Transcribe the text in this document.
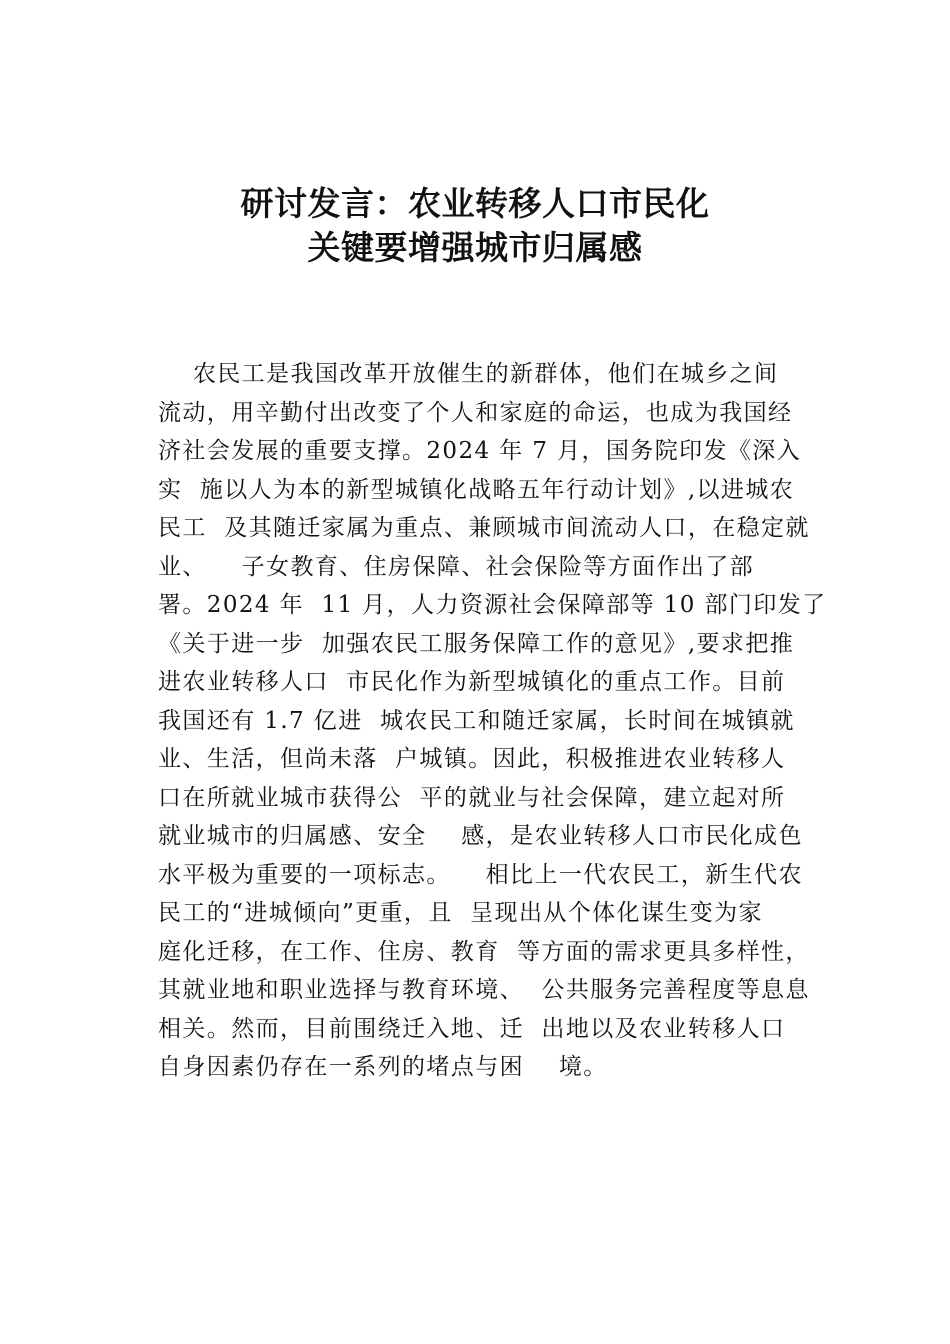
研讨发言：农业转移人口市民化
关键要增强城市归属感
农民工是我国改革开放催生的新群体，他们在城乡之间
流动，用辛勤付出改变了个人和家庭的命运，也成为我国经
济社会发展的重要支撑。2024 年 7 月，国务院印发《深入
实  施以人为本的新型城镇化战略五年行动计划》,以进城农
民工  及其随迁家属为重点、兼顾城市间流动人口，在稳定就
业、    子女教育、住房保障、社会保险等方面作出了部
署。2024 年  11 月，人力资源社会保障部等 10 部门印发了
《关于进一步  加强农民工服务保障工作的意见》,要求把推
进农业转移人口  市民化作为新型城镇化的重点工作。目前
我国还有 1.7 亿进  城农民工和随迁家属，长时间在城镇就
业、生活，但尚未落  户城镇。因此，积极推进农业转移人
口在所就业城市获得公  平的就业与社会保障，建立起对所
就业城市的归属感、安全    感，是农业转移人口市民化成色
水平极为重要的一项标志。    相比上一代农民工，新生代农
民工的“进城倾向”更重，且  呈现出从个体化谋生变为家
庭化迁移，在工作、住房、教育  等方面的需求更具多样性，
其就业地和职业选择与教育环境、  公共服务完善程度等息息
相关。然而，目前围绕迁入地、迁  出地以及农业转移人口
自身因素仍存在一系列的堵点与困    境。
